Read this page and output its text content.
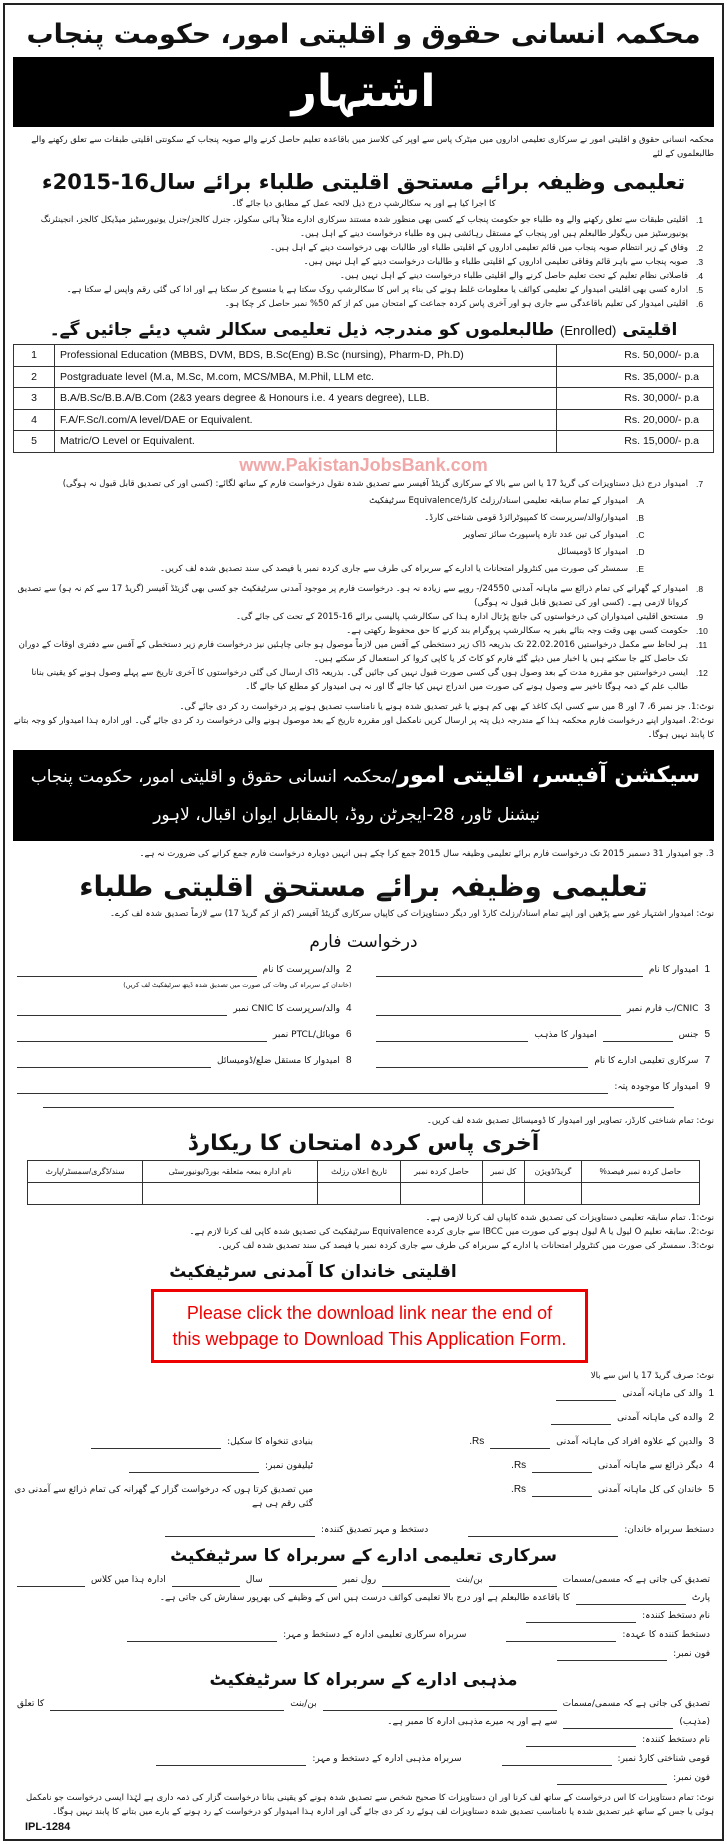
محکمہ انسانی حقوق و اقلیتی امور، حکومت پنجاب
اشتہار
محکمہ انسانی حقوق و اقلیتی امور نے سرکاری تعلیمی اداروں میں میٹرک پاس سے اوپر کی کلاسز میں باقاعدہ تعلیم حاصل کرنے والے صوبہ پنجاب کے سکونتی اقلیتی طبقات سے تعلق رکھنے والے طالبعلموں کے لئے
تعلیمی وظیفہ برائے مستحق اقلیتی طلباء برائے سال16-2015ء
کا اجرا کیا ہے اور یہ سکالرشپ درج ذیل لائحہ عمل کے مطابق دیا جائے گا۔
1.
اقلیتی طبقات سے تعلق رکھنے والے وہ طلباء جو حکومت پنجاب کے کسی بھی منظور شدہ مستند سرکاری ادارے مثلاً ہائی سکولز، جنرل کالجز/جنرل یونیورسٹیز میڈیکل کالجز، انجینئرنگ یونیورسٹیز میں ریگولر طالبعلم ہیں اور پنجاب کے مستقل رہائشی ہیں وہ طلباء درخواست دینے کے اہل ہیں۔
2.
وفاق کے زیر انتظام صوبہ پنجاب میں قائم تعلیمی اداروں کے اقلیتی طلباء اور طالبات بھی درخواست دینے کے اہل ہیں۔
3.
صوبہ پنجاب سے باہر قائم وفاقی تعلیمی اداروں کے اقلیتی طلباء و طالبات درخواست دینے کے اہل نہیں ہیں۔
4.
فاصلاتی نظام تعلیم کے تحت تعلیم حاصل کرنے والے اقلیتی طلباء درخواست دینے کے اہل نہیں ہیں۔
5.
ادارہ کسی بھی اقلیتی امیدوار کے تعلیمی کوائف یا معلومات غلط ہونے کی بناء پر اس کا سکالرشپ روک سکتا ہے یا منسوخ کر سکتا ہے اور ادا کی گئی رقم واپس لے سکتا ہے۔
6.
اقلیتی امیدوار کی تعلیم باقاعدگی سے جاری ہو اور آخری پاس کردہ جماعت کے امتحان میں کم از کم 50% نمبر حاصل کر چکا ہو۔
اقلیتی (Enrolled) طالبعلموں کو مندرجہ ذیل تعلیمی سکالر شپ دیئے جائیں گے۔
1	Professional Education (MBBS, DVM, BDS, B.Sc(Eng) B.Sc (nursing), Pharm-D, Ph.D)	Rs. 50,000/- p.a
2	Postgraduate level (M.a, M.Sc, M.com, MCS/MBA, M.Phil, LLM etc.	Rs. 35,000/- p.a
3	B.A/B.Sc/B.B.A/B.Com (2&3 years degree & Honours i.e. 4 years degree), LLB.	Rs. 30,000/- p.a
4	F.A/F.Sc/I.com/A level/DAE or Equivalent.	Rs. 20,000/- p.a
5	Matric/O Level or Equivalent.	Rs. 15,000/- p.a
www.PakistanJobsBank.com
7.
امیدوار درج ذیل دستاویزات کی گریڈ 17 یا اس سے بالا کے سرکاری گزیٹڈ آفیسر سے تصدیق شدہ نقول درخواست فارم کے ساتھ لگائے: (کسی اور کی تصدیق قابل قبول نہ ہوگی)
A.
امیدوار کے تمام سابقہ تعلیمی اسناد/رزلٹ کارڈ/Equivalence سرٹیفکیٹ
B.
امیدوار/والد/سرپرست کا کمپیوٹرائزڈ قومی شناختی کارڈ۔
C.
امیدوار کی تین عدد تازہ پاسپورٹ سائز تصاویر
D.
امیدوار کا ڈومیسائل
E.
سمسٹر کی صورت میں کنٹرولر امتحانات یا ادارے کے سربراہ کی طرف سے جاری کردہ نمبر یا فیصد کی سند تصدیق شدہ لف کریں۔
8.
امیدوار کے گھرانے کی تمام ذرائع سے ماہانہ آمدنی 24550/- روپے سے زیادہ نہ ہو۔ درخواست فارم پر موجود آمدنی سرٹیفکیٹ جو کسی بھی گزیٹڈ آفیسر (گریڈ 17 سے کم نہ ہو) سے تصدیق کروانا لازمی ہے۔ (کسی اور کی تصدیق قابل قبول نہ ہوگی)
9.
مستحق اقلیتی امیدواران کی درخواستوں کی جانچ پڑتال ادارہ ہذا کی سکالرشپ پالیسی برائے 16-2015 کے تحت کی جائے گی۔
10.
حکومت کسی بھی وقت وجہ بتائے بغیر یہ سکالرشپ پروگرام بند کرنے کا حق محفوظ رکھتی ہے۔
11.
ہر لحاظ سے مکمل درخواستیں 22.02.2016 تک بذریعہ ڈاک زیر دستخطی کے آفس میں لازماً موصول ہو جانی چاہئیں نیز درخواست فارم زیر دستخطی کے آفس سے دفتری اوقات کے دوران تک حاصل کئے جا سکتے ہیں یا اخبار میں دیئے گئے فارم کو کاٹ کر یا کاپی کروا کر استعمال کر سکتے ہیں۔
12.
ایسی درخواستیں جو مقررہ مدت کے بعد وصول ہوں گی کسی صورت قبول نہیں کی جائیں گی۔ بذریعہ ڈاک ارسال کی گئی درخواستوں کا آخری تاریخ سے پہلے وصول ہونے کو یقینی بنانا طالب علم کے ذمہ ہوگا تاخیر سے وصول ہونے کی صورت میں اندراج نہیں کیا جائے گا اور نہ ہی امیدوار کو مطلع کیا جائے گا۔
نوٹ:1. جز نمبر 6، 7 اور 8 میں سے کسی ایک کاغذ کے بھی کم ہونے یا غیر تصدیق شدہ ہونے یا نامناسب تصدیق ہونے پر درخواست رد کر دی جائے گی۔
نوٹ:2. امیدوار اپنے درخواست فارم محکمہ ہذا کے مندرجہ ذیل پتہ پر ارسال کریں نامکمل اور مقررہ تاریخ کے بعد موصول ہونے والی درخواست رد کر دی جائے گی۔ اور ادارہ ہذا امیدوار کو وجہ بتانے کا پابند نہیں ہوگا۔
سیکشن آفیسر، اقلیتی امور/محکمہ انسانی حقوق و اقلیتی امور، حکومت پنجاب
نیشنل ٹاور، 28-ایجرٹن روڈ، بالمقابل ایوان اقبال، لاہور
3. جو امیدوار 31 دسمبر 2015 تک درخواست فارم برائے تعلیمی وظیفہ سال 2015 جمع کرا چکے ہیں انہیں دوبارہ درخواست فارم جمع کرانے کی ضرورت نہ ہے۔
تعلیمی وظیفہ برائے مستحق اقلیتی طلباء
نوٹ: امیدوار اشتہار غور سے پڑھیں اور اپنے تمام اسناد/رزلٹ کارڈ اور دیگر دستاویزات کی کاپیاں سرکاری گزیٹڈ آفیسر (کم از کم گریڈ 17) سے لازماً تصدیق شدہ لف کرے۔
درخواست فارم
1
امیدوار کا نام
2
والد/سرپرست کا نام
(خاندان کے سربراہ کی وفات کی صورت میں تصدیق شدہ ڈیتھ سرٹیفکیٹ لف کریں)
3
CNIC/ب فارم نمبر
4
والد/سرپرست کا CNIC نمبر
5
جنس
امیدوار کا مذہب
6
موبائل/PTCL نمبر
7
سرکاری تعلیمی ادارے کا نام
8
امیدوار کا مستقل ضلع/ڈومیسائل
9
امیدوار کا موجودہ پتہ:
نوٹ: تمام شناختی کارڈز، تصاویر اور امیدوار کا ڈومیسائل تصدیق شدہ لف کریں۔
آخری پاس کردہ امتحان کا ریکارڈ
سند/ڈگری/سمسٹر/پارٹ	نام ادارہ بمعہ متعلقہ بورڈ/یونیورسٹی	تاریخ اعلان رزلٹ	حاصل کردہ نمبر	کل نمبر	گریڈ/ڈویژن	حاصل کردہ نمبر فیصد%

نوٹ:1. تمام سابقہ تعلیمی دستاویزات کی تصدیق شدہ کاپیاں لف کرنا لازمی ہے۔
نوٹ:2. سابقہ تعلیم O لیول یا A لیول ہونے کی صورت میں IBCC سے جاری کردہ Equivalence سرٹیفکیٹ کی تصدیق شدہ کاپی لف کرنا لازم ہے۔
نوٹ:3. سمسٹر کی صورت میں کنٹرولر امتحانات یا ادارے کے سربراہ کی طرف سے جاری کردہ نمبر یا فیصد کی سند تصدیق شدہ لف کریں۔
اقلیتی خاندان کا آمدنی سرٹیفکیٹ
Please click the download link near the end of
this webpage to Download This Application Form.
نوٹ: صرف گریڈ 17 یا اس سے بالا
1
والد کی ماہانہ آمدنی
2
والدہ کی ماہانہ آمدنی
3
والدین کے علاوہ افراد کی ماہانہ آمدنی
Rs.
4
دیگر ذرائع سے ماہانہ آمدنی
Rs.
5
خاندان کی کل ماہانہ آمدنی
Rs.
بنیادی تنخواہ کا سکیل:
ٹیلیفون نمبر:
میں تصدیق کرتا ہوں کہ درخواست گزار کے گھرانہ کی تمام ذرائع سے آمدنی دی گئی رقم ہی ہے
دستخط سربراہ خاندان:
دستخط و مہر تصدیق کنندہ:
سرکاری تعلیمی ادارے کے سربراہ کا سرٹیفکیٹ
تصدیق کی جاتی ہے کہ مسمی/مسمات
بن/بنت
رول نمبر
سال
ادارہ ہذا میں کلاس
پارٹ
کا باقاعدہ طالبعلم ہے اور درج بالا تعلیمی کوائف درست ہیں اس کے وظیفے کی بھرپور سفارش کی جاتی ہے۔
نام دستخط کنندہ:
دستخط کنندہ کا عہدہ:
فون نمبر:
سربراہ سرکاری تعلیمی ادارہ کے دستخط و مہر:
مذہبی ادارے کے سربراہ کا سرٹیفکیٹ
تصدیق کی جاتی ہے کہ مسمی/مسمات
بن/بنت
کا تعلق
(مذہب)
سے ہے اور یہ میرے مذہبی ادارہ کا ممبر ہے۔
نام دستخط کنندہ:
قومی شناختی کارڈ نمبر:
فون نمبر:
سربراہ مذہبی ادارہ کے دستخط و مہر:
نوٹ: تمام دستاویزات کا اس درخواست کے ساتھ لف کرنا اور ان دستاویزات کا صحیح شخص سے تصدیق شدہ ہونے کو یقینی بنانا درخواست گزار کی ذمہ داری ہے لہٰذا ایسی درخواست جو نامکمل ہوئی یا جس کے ساتھ غیر تصدیق شدہ یا نامناسب تصدیق شدہ دستاویزات لف ہوئے رد کر دی جائے گی اور ادارہ ہذا امیدوار کو درخواست کے رد ہونے کے بارے میں بتانے کا پابند نہیں ہوگا۔
IPL-1284
